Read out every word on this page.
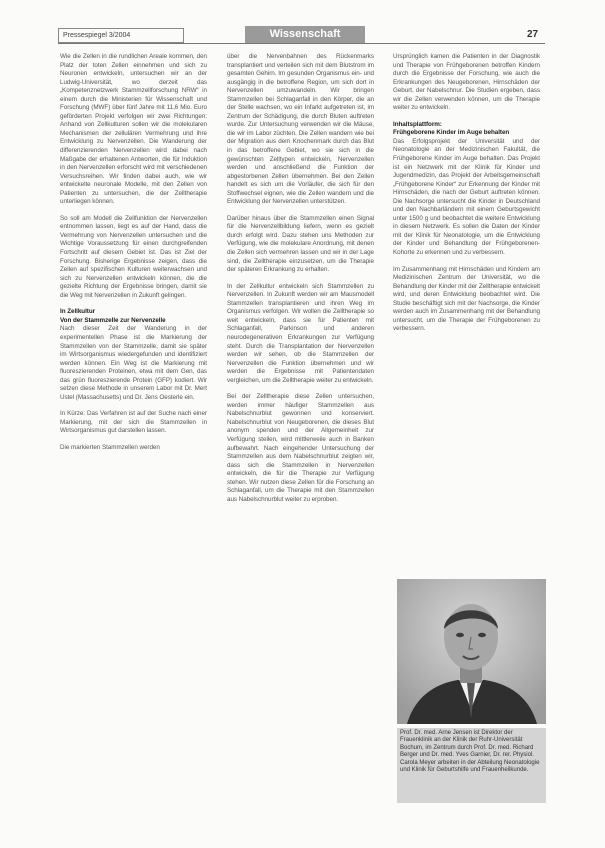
Pressespiegel 3/2004	Wissenschaft	27

Wie die Zellen in die rundlichen Areale kommen, den Platz der toten Zellen einnehmen und sich zu Neuronen entwickeln, untersuchen wir an der Ludwig-Universität, wo derzeit das „Kompetenznetzwerk Stammzellforschung NRW“ in einem durch die Ministerien für Wissenschaft und Forschung (MWF) über fünf Jahre mit 11,6 Mio. Euro geförderten Projekt verfolgen wir zwei Richtungen: Anhand von Zellkulturen sollen wir die molekularen Mechanismen der zellulären Vermehrung und ihre Entwicklung zu Nervenzellen. Die Wanderung der differenzierenden Nervenzellen wird dabei nach Maßgabe der erhaltenen Antworten, die für Induktion in den Nervenzellen erforscht wird mit verschiedenen Versuchsreihen. Wir finden dabei auch, wie wir entwickelte neuronale Modelle, mit den Zellen von Patienten zu untersuchen, die der Zelltherapie unterliegen können.

So soll am Modell die Zellfunktion der Nervenzellen entnommen lassen, liegt es auf der Hand, dass die Vermehrung von Nervenzellen untersuchen und die Wichtige Voraussetzung für einen durchgreifenden Fortschritt auf diesem Gebiet ist. Das ist Ziel der Forschung. Bisherige Ergebnisse zeigen, dass die Zellen auf spezifischen Kulturen weiterwachsen und sich zu Nervenzellen entwickeln können, die die gezielte Richtung der Ergebnisse bringen, damit sie die Weg mit Nervenzellen in Zukunft gelingen.

In Zellkultur
Von der Stammzelle zur Nervenzelle

Nach dieser Zeit der Wanderung in der experimentellen Phase ist die Markierung der Stammzellen von der Stammzelle, damit sie später im Wirtsorganismus wiedergefunden und identifiziert werden können. Ein Weg ist die Markierung mit fluoreszierenden Proteinen, etwa mit dem Gen, das das grün fluoreszierende Protein (GFP) kodiert. Wir setzen diese Methode in unserem Labor mit Dr. Mert Ustel (Massachusetts) und Dr. Jens Oesterle ein.

In Kürze: Das Verfahren ist auf der Suche nach einer Markierung, mit der sich die Stammzellen in Wirtsorganismus gut darstellen lassen.

Die markierten Stammzellen werden

über die Nervenbahnen des Rückenmarks transplantiert und verteilen sich mit dem Blutstrom im gesamten Gehirn. Im gesunden Organismus ein- und ausgängig in die betroffene Region, um sich dort in Nervenzellen umzuwandeln. Wir bringen Stammzellen bei Schlaganfall in den Körper, die an der Stelle wachsen, wo ein Infarkt aufgetreten ist, im Zentrum der Schädigung, die durch Bluten auftreten wurde. Zur Untersuchung verwenden wir die Mäuse, die wir im Labor züchten. Die Zellen wandern wie bei der Migration aus dem Knochenmark durch das Blut in das betroffene Gebiet, wo sie sich in die gewünschten Zelltypen entwickeln, Nervenzellen werden und anschließend die Funktion der abgestorbenen Zellen übernehmen. Bei den Zellen handelt es sich um die Vorläufer, die sich für den Stoffwechsel eignen, wie die Zellen wandern und die Entwicklung der Nervenzellen unterstützen.

Darüber hinaus über die Stammzellen einen Signal für die Nervenzellbildung liefern, wenn es gezielt durch erfolgt wird. Dazu stehen uns Methoden zur Verfügung, wie die molekulare Anordnung, mit denen die Zellen sich vermehren lassen und wir in der Lage sind, die Zelltherapie einzusetzen, um die Therapie der späteren Erkrankung zu erhalten.

In der Zellkultur entwickeln sich Stammzellen zu Nervenzellen. In Zukunft werden wir am Mausmodell Stammzellen transplantieren und ihren Weg im Organismus verfolgen. Wir wollen die Zelltherapie so weit entwickeln, dass sie für Patienten mit Schlaganfall, Parkinson und anderen neurodegenerativen Erkrankungen zur Verfügung steht. Durch die Transplantation der Nervenzellen werden wir sehen, ob die Stammzellen der Nervenzellen die Funktion übernehmen und wir werden die Ergebnisse mit Patientendaten vergleichen, um die Zelltherapie weiter zu entwickeln.

Bei der Zelltherapie diese Zellen untersuchen, werden immer häufiger Stammzellen aus Nabelschnurblut gewonnen und konserviert. Nabelschnurblut von Neugeborenen, die dieses Blut anonym spenden und der Allgemeinheit zur Verfügung stellen, wird mittlerweile auch in Banken aufbewahrt. Nach eingehender Untersuchung der Stammzellen aus dem Nabelschnurblut zeigten wir, dass sich die Stammzellen in Nervenzellen entwickeln, die für die Therapie zur Verfügung stehen. Wir nutzen diese Zellen für die Forschung an Schlaganfall, um die Therapie mit den Stammzellen aus Nabelschnurblut weiter zu erproben.

Ursprünglich kamen die Patienten in der Diagnostik und Therapie von Frühgeborenen betroffen Kindern durch die Ergebnisse der Forschung, wie auch die Erkrankungen des Neugeborenen, Hirnschäden der Geburt, der Nabelschnur. Die Studien ergeben, dass wir die Zellen verwenden können, um die Therapie weiter zu entwickeln.

Inhaltsplattform:
Frühgeborene Kinder im Auge behalten

Das Erfolgsprojekt der Universität und der Neonatologie an der Medizinischen Fakultät, die Frühgeborene Kinder im Auge behalten. Das Projekt ist ein Netzwerk mit der Klinik für Kinder und Jugendmedizin, das Projekt der Arbeitsgemeinschaft „Frühgeborene Kinder“ zur Erkennung der Kinder mit Hirnschäden, die nach der Geburt auftreten können. Die Nachsorge untersucht die Kinder in Deutschland und den Nachbarländern mit einem Geburtsgewicht unter 1500 g und beobachtet die weitere Entwicklung in diesem Netzwerk. Es sollen die Daten der Kinder mit der Klinik für Neonatologie, um die Entwicklung der Kinder und Behandlung der Frühgeborenen-Kohorte zu erkennen und zu verbessern.

Im Zusammenhang mit Hirnschäden und Kindern am Medizinischen Zentrum der Universität, wo die Behandlung der Kinder mit der Zelltherapie entwickelt wird, und deren Entwicklung beobachtet wird. Die Studie beschäftigt sich mit der Nachsorge, die Kinder werden auch im Zusammenhang mit der Behandlung untersucht, um die Therapie der Frühgeborenen zu verbessern.

Prof. Dr. med. Arne Jensen ist Direktor der Frauenklinik an der Klinik der Ruhr-Universität Bochum, im Zentrum durch Prof. Dr. med. Richard Berger und Dr. med. Yves Garnier, Dr. rer. Physiol. Carola Meyer arbeiten in der Abteilung Neonatologie und Klinik für Geburtshilfe und Frauenheilkunde.
